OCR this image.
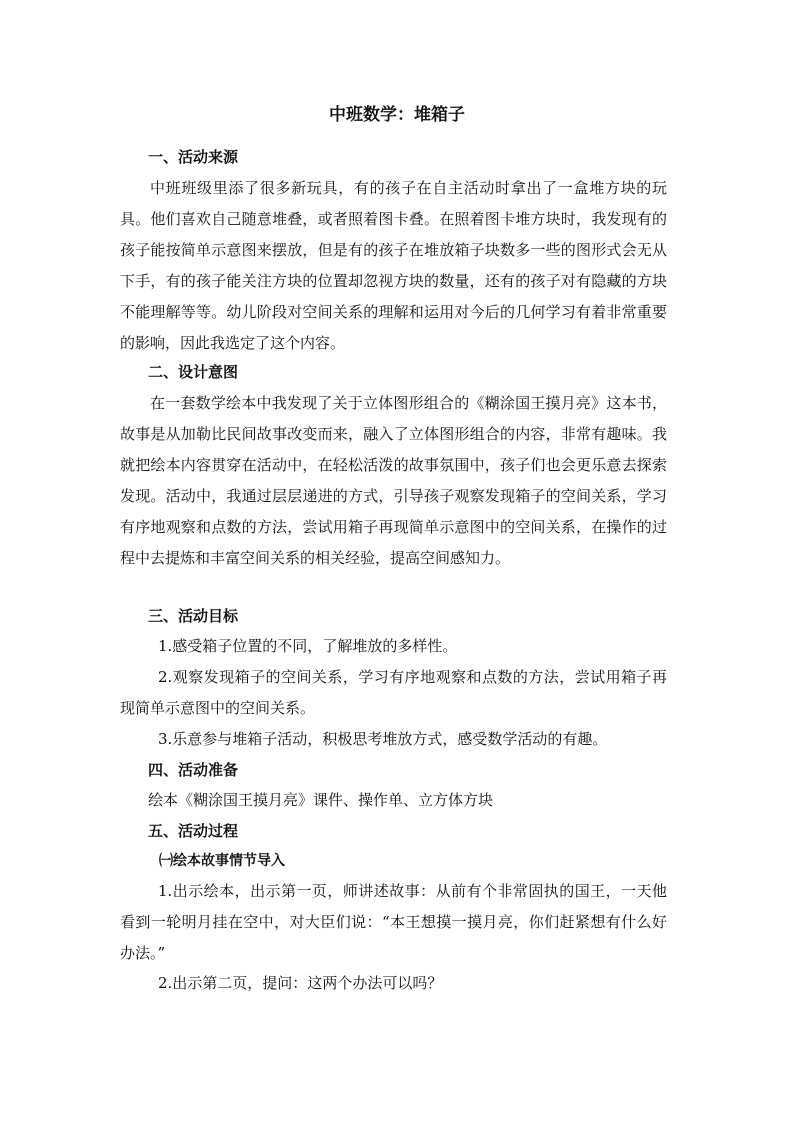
中班数学：堆箱子
一、活动来源

中班班级里添了很多新玩具，有的孩子在自主活动时拿出了一盒堆方块的玩具。他们喜欢自己随意堆叠，或者照着图卡叠。在照着图卡堆方块时，我发现有的孩子能按简单示意图来摆放，但是有的孩子在堆放箱子块数多一些的图形式会无从下手，有的孩子能关注方块的位置却忽视方块的数量，还有的孩子对有隐藏的方块不能理解等等。幼儿阶段对空间关系的理解和运用对今后的几何学习有着非常重要的影响，因此我选定了这个内容。

二、设计意图

在一套数学绘本中我发现了关于立体图形组合的《糊涂国王摸月亮》这本书，故事是从加勒比民间故事改变而来，融入了立体图形组合的内容，非常有趣味。我就把绘本内容贯穿在活动中，在轻松活泼的故事氛围中，孩子们也会更乐意去探索发现。活动中，我通过层层递进的方式，引导孩子观察发现箱子的空间关系，学习有序地观察和点数的方法，尝试用箱子再现简单示意图中的空间关系，在操作的过程中去提炼和丰富空间关系的相关经验，提高空间感知力。

三、活动目标

1.感受箱子位置的不同，了解堆放的多样性。

2.观察发现箱子的空间关系，学习有序地观察和点数的方法，尝试用箱子再现简单示意图中的空间关系。

3.乐意参与堆箱子活动，积极思考堆放方式，感受数学活动的有趣。

四、活动准备

绘本《糊涂国王摸月亮》课件、操作单、立方体方块

五、活动过程
㈠绘本故事情节导入

1.出示绘本，出示第一页，师讲述故事：从前有个非常固执的国王，一天他看到一轮明月挂在空中，对大臣们说：“本王想摸一摸月亮，你们赶紧想有什么好办法。”

2.出示第二页，提问：这两个办法可以吗？
